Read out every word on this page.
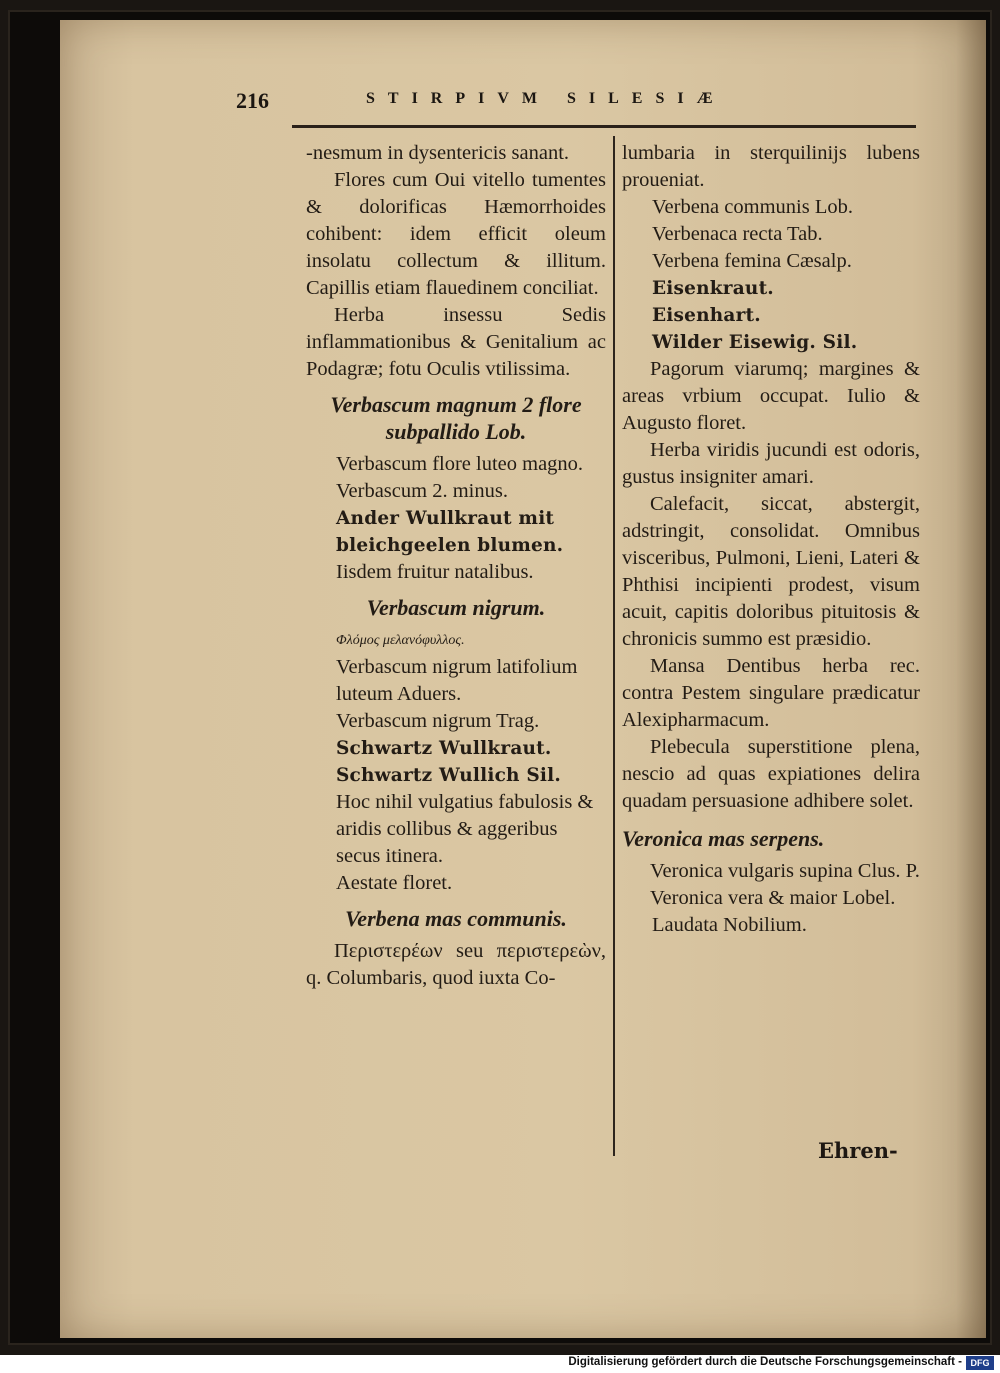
216	STIRPIVM SILESIÆ

-nesmum in dysentericis sanant.

Flores cum Oui vitello tumentes & dolorificas Hæmorrhoides cohibent: idem efficit oleum insolatu collectum & illitum. Capillis etiam flauedinem conciliat.

Herba insessu Sedis inflammationibus & Genitalium ac Podagræ; fotu Oculis vtilissima.

Verbascum magnum 2 flore subpallido Lob.

Verbascum flore luteo magno.

Verbascum 2. minus.

Ander Wullkraut mit bleichgeelen blumen.

Iisdem fruitur natalibus.

Verbascum nigrum.

Φλόμος μελανόφυλλος.

Verbascum nigrum latifolium luteum Aduers.

Verbascum nigrum Trag.

Schwartz Wullkraut.

Schwartz Wullich Sil.

Hoc nihil vulgatius fabulosis & aridis collibus & aggeribus secus itinera.

Aestate floret.

Verbena mas communis.

Περιστερέων seu περιστερεὼν, q. Columbaris, quod iuxta Co-

lumbaria in sterquilinijs lubens proueniat.

Verbena communis Lob.

Verbenaca recta Tab.

Verbena femina Cæsalp.

Eisenkraut.

Eisenhart.

Wilder Eisewig. Sil.

Pagorum viarumq; margines & areas vrbium occupat. Iulio & Augusto floret.

Herba viridis jucundi est odoris, gustus insigniter amari.

Calefacit, siccat, abstergit, adstringit, consolidat. Omnibus visceribus, Pulmoni, Lieni, Lateri & Phthisi incipienti prodest, visum acuit, capitis doloribus pituitosis & chronicis summo est præsidio.

Mansa Dentibus herba rec. contra Pestem singulare prædicatur Alexipharmacum.

Plebecula superstitione plena, nescio ad quas expiationes delira quadam persuasione adhibere solet.

Veronica mas serpens.

Veronica vulgaris supina Clus. P.

Veronica vera & maior Lobel.

Laudata Nobilium.

Ehren-
Digitalisierung gefördert durch die Deutsche Forschungsgemeinschaft - DFG
